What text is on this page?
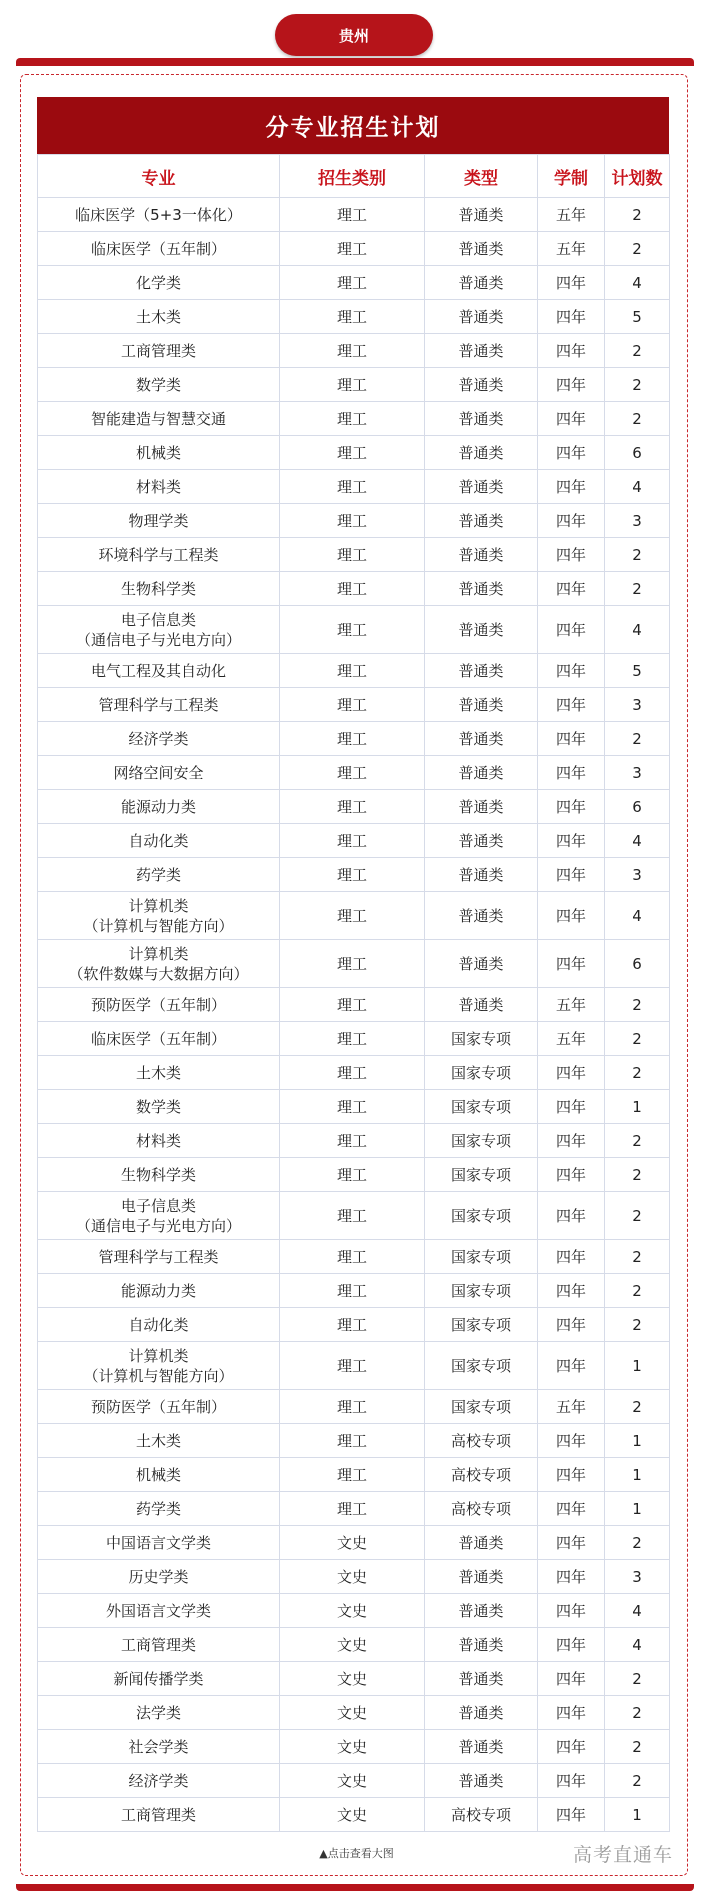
贵州
分专业招生计划
专业	招生类别	类型	学制	计划数

临床医学（5+3一体化）	理工	普通类	五年	2

临床医学（五年制）	理工	普通类	五年	2

化学类	理工	普通类	四年	4

土木类	理工	普通类	四年	5

工商管理类	理工	普通类	四年	2

数学类	理工	普通类	四年	2

智能建造与智慧交通	理工	普通类	四年	2

机械类	理工	普通类	四年	6

材料类	理工	普通类	四年	4

物理学类	理工	普通类	四年	3

环境科学与工程类	理工	普通类	四年	2

生物科学类	理工	普通类	四年	2

电子信息类
（通信电子与光电方向）	理工	普通类	四年	4

电气工程及其自动化	理工	普通类	四年	5

管理科学与工程类	理工	普通类	四年	3

经济学类	理工	普通类	四年	2

网络空间安全	理工	普通类	四年	3

能源动力类	理工	普通类	四年	6

自动化类	理工	普通类	四年	4

药学类	理工	普通类	四年	3

计算机类
（计算机与智能方向）	理工	普通类	四年	4

计算机类
（软件数媒与大数据方向）	理工	普通类	四年	6

预防医学（五年制）	理工	普通类	五年	2

临床医学（五年制）	理工	国家专项	五年	2

土木类	理工	国家专项	四年	2

数学类	理工	国家专项	四年	1

材料类	理工	国家专项	四年	2

生物科学类	理工	国家专项	四年	2

电子信息类
（通信电子与光电方向）	理工	国家专项	四年	2

管理科学与工程类	理工	国家专项	四年	2

能源动力类	理工	国家专项	四年	2

自动化类	理工	国家专项	四年	2

计算机类
（计算机与智能方向）	理工	国家专项	四年	1

预防医学（五年制）	理工	国家专项	五年	2

土木类	理工	高校专项	四年	1

机械类	理工	高校专项	四年	1

药学类	理工	高校专项	四年	1

中国语言文学类	文史	普通类	四年	2

历史学类	文史	普通类	四年	3

外国语言文学类	文史	普通类	四年	4

工商管理类	文史	普通类	四年	4

新闻传播学类	文史	普通类	四年	2

法学类	文史	普通类	四年	2

社会学类	文史	普通类	四年	2

经济学类	文史	普通类	四年	2

工商管理类	文史	高校专项	四年	1
▲点击查看大图	高考直通车
